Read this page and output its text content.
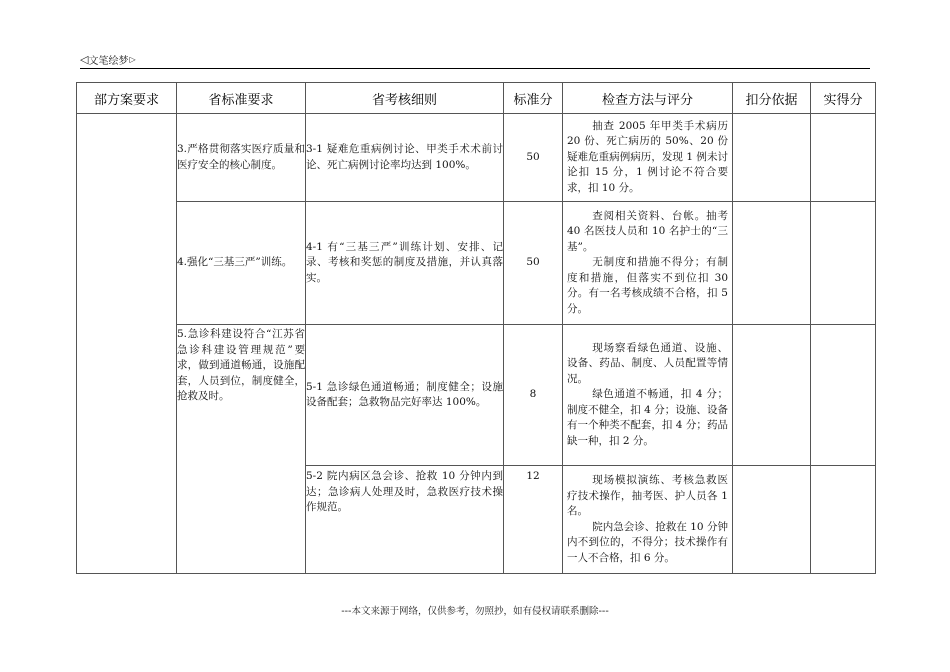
◁ 文笔绘梦 ▷
部方案要求	省标准要求	省考核细则	标准分	检查方法与评分	扣分依据	实得分
	3.严格贯彻落实医疗质量和医疗安全的核心制度。	3-1 疑难危重病例讨论、甲类手术术前讨论、死亡病例讨论率均达到 100%。	50	抽查 2005 年甲类手术病历 20 份、死亡病历的 50%、20 份疑难危重病例病历，发现 1 例未讨论扣 15 分，1 例讨论不符合要求，扣 10 分。		

	4.强化“三基三严”训练。	4-1 有“三基三严”训练计划、安排、记录、考核和奖惩的制度及措施，并认真落实。	50	查阅相关资料、台帐。抽考 40 名医技人员和 10 名护士的“三基”。

无制度和措施不得分；有制度和措施，但落实不到位扣 30 分。有一名考核成绩不合格，扣 5 分。		

	5.急诊科建设符合“江苏省急诊科建设管理规范”要求，做到通道畅通，设施配套，人员到位，制度健全，抢救及时。	5-1 急诊绿色通道畅通；制度健全；设施设备配套；急救物品完好率达 100%。	8	现场察看绿色通道、设施、设备、药品、制度、人员配置等情况。

绿色通道不畅通，扣 4 分；制度不健全，扣 4 分；设施、设备有一个种类不配套，扣 4 分；药品缺一种，扣 2 分。		

		5-2 院内病区急会诊、抢救 10 分钟内到达；急诊病人处理及时，急救医疗技术操作规范。	12	现场模拟演练、考核急救医疗技术操作，抽考医、护人员各 1 名。

院内急会诊、抢救在 10 分钟内不到位的，不得分；技术操作有一人不合格，扣 6 分。		

---本文来源于网络，仅供参考，勿照抄，如有侵权请联系删除---
